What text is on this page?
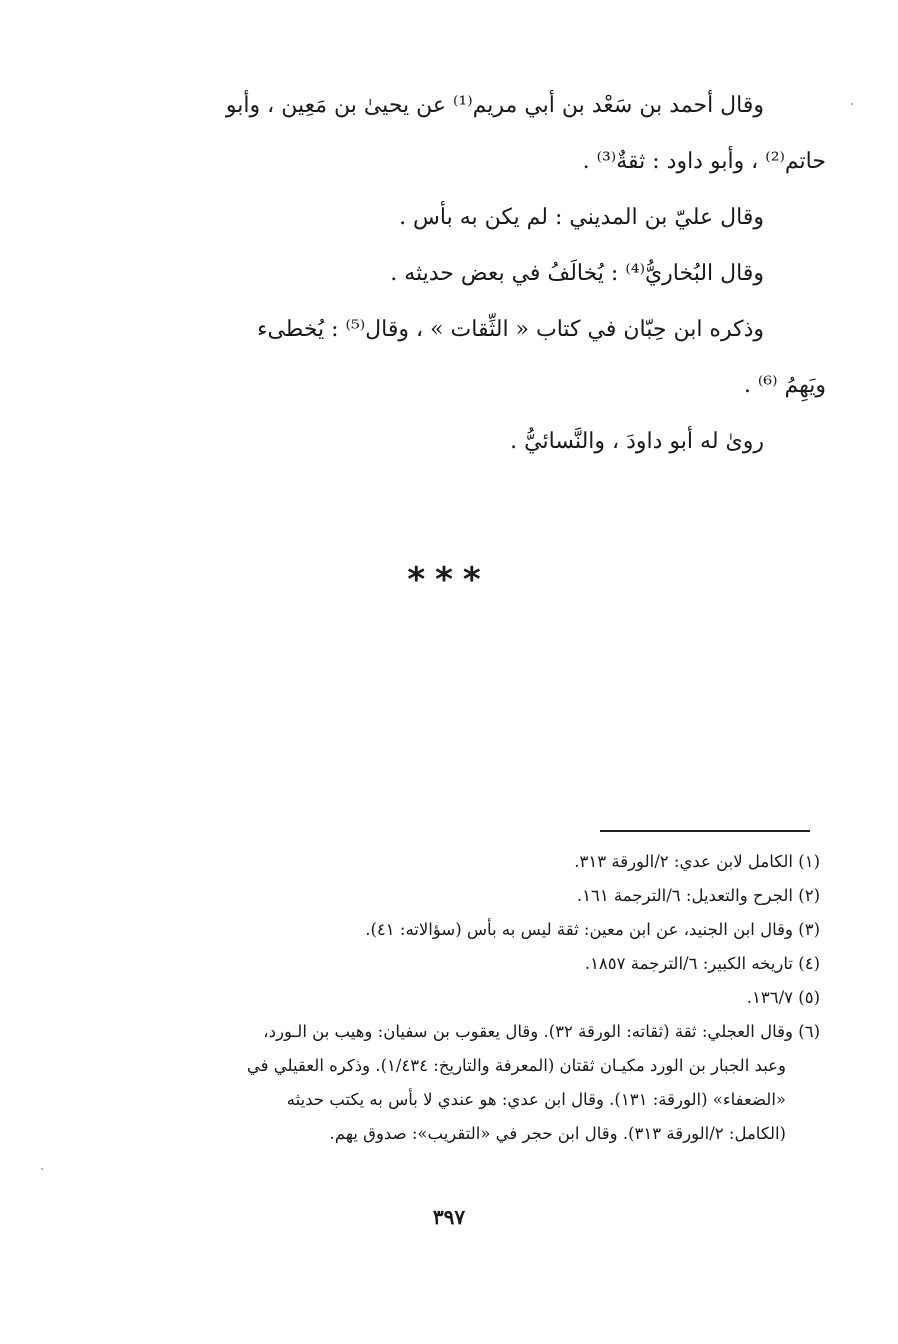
وقال أحمد بن سَعْد بن أبي مريم⁽¹⁾ عن يحيىٰ بن مَعِين ، وأبو

حاتم⁽²⁾ ، وأبو داود : ثقةٌ⁽³⁾ .

وقال عليّ بن المديني : لم يكن به بأس .

وقال البُخاريُّ⁽⁴⁾ : يُخالَفُ في بعض حديثه .

وذكره ابن حِبّان في كتاب « الثِّقات » ، وقال⁽⁵⁾ : يُخطىء

ويَهِمُ ⁽⁶⁾ .

روىٰ له أبو داودَ ، والنَّسائيُّ .

***

(١) الكامل لابن عدي: ٢/الورقة ٣١٣.

(٢) الجرح والتعديل: ٦/الترجمة ١٦١.

(٣) وقال ابن الجنيد، عن ابن معين: ثقة ليس به بأس (سؤالاته: ٤١).

(٤) تاريخه الكبير: ٦/الترجمة ١٨٥٧.

(٥) ١٣٦/٧.

(٦) وقال العجلي: ثقة (ثقاته: الورقة ٣٢). وقال يعقوب بن سفيان: وهيب بن الـورد،

وعبد الجبار بن الورد مكيـان ثقتان (المعرفة والتاريخ: ١/٤٣٤). وذكره العقيلي في

«الضعفاء» (الورقة: ١٣١). وقال ابن عدي: هو عندي لا بأس به يكتب حديثه

(الكامل: ٢/الورقة ٣١٣). وقال ابن حجر في «التقريب»: صدوق يهم.

٣٩٧
